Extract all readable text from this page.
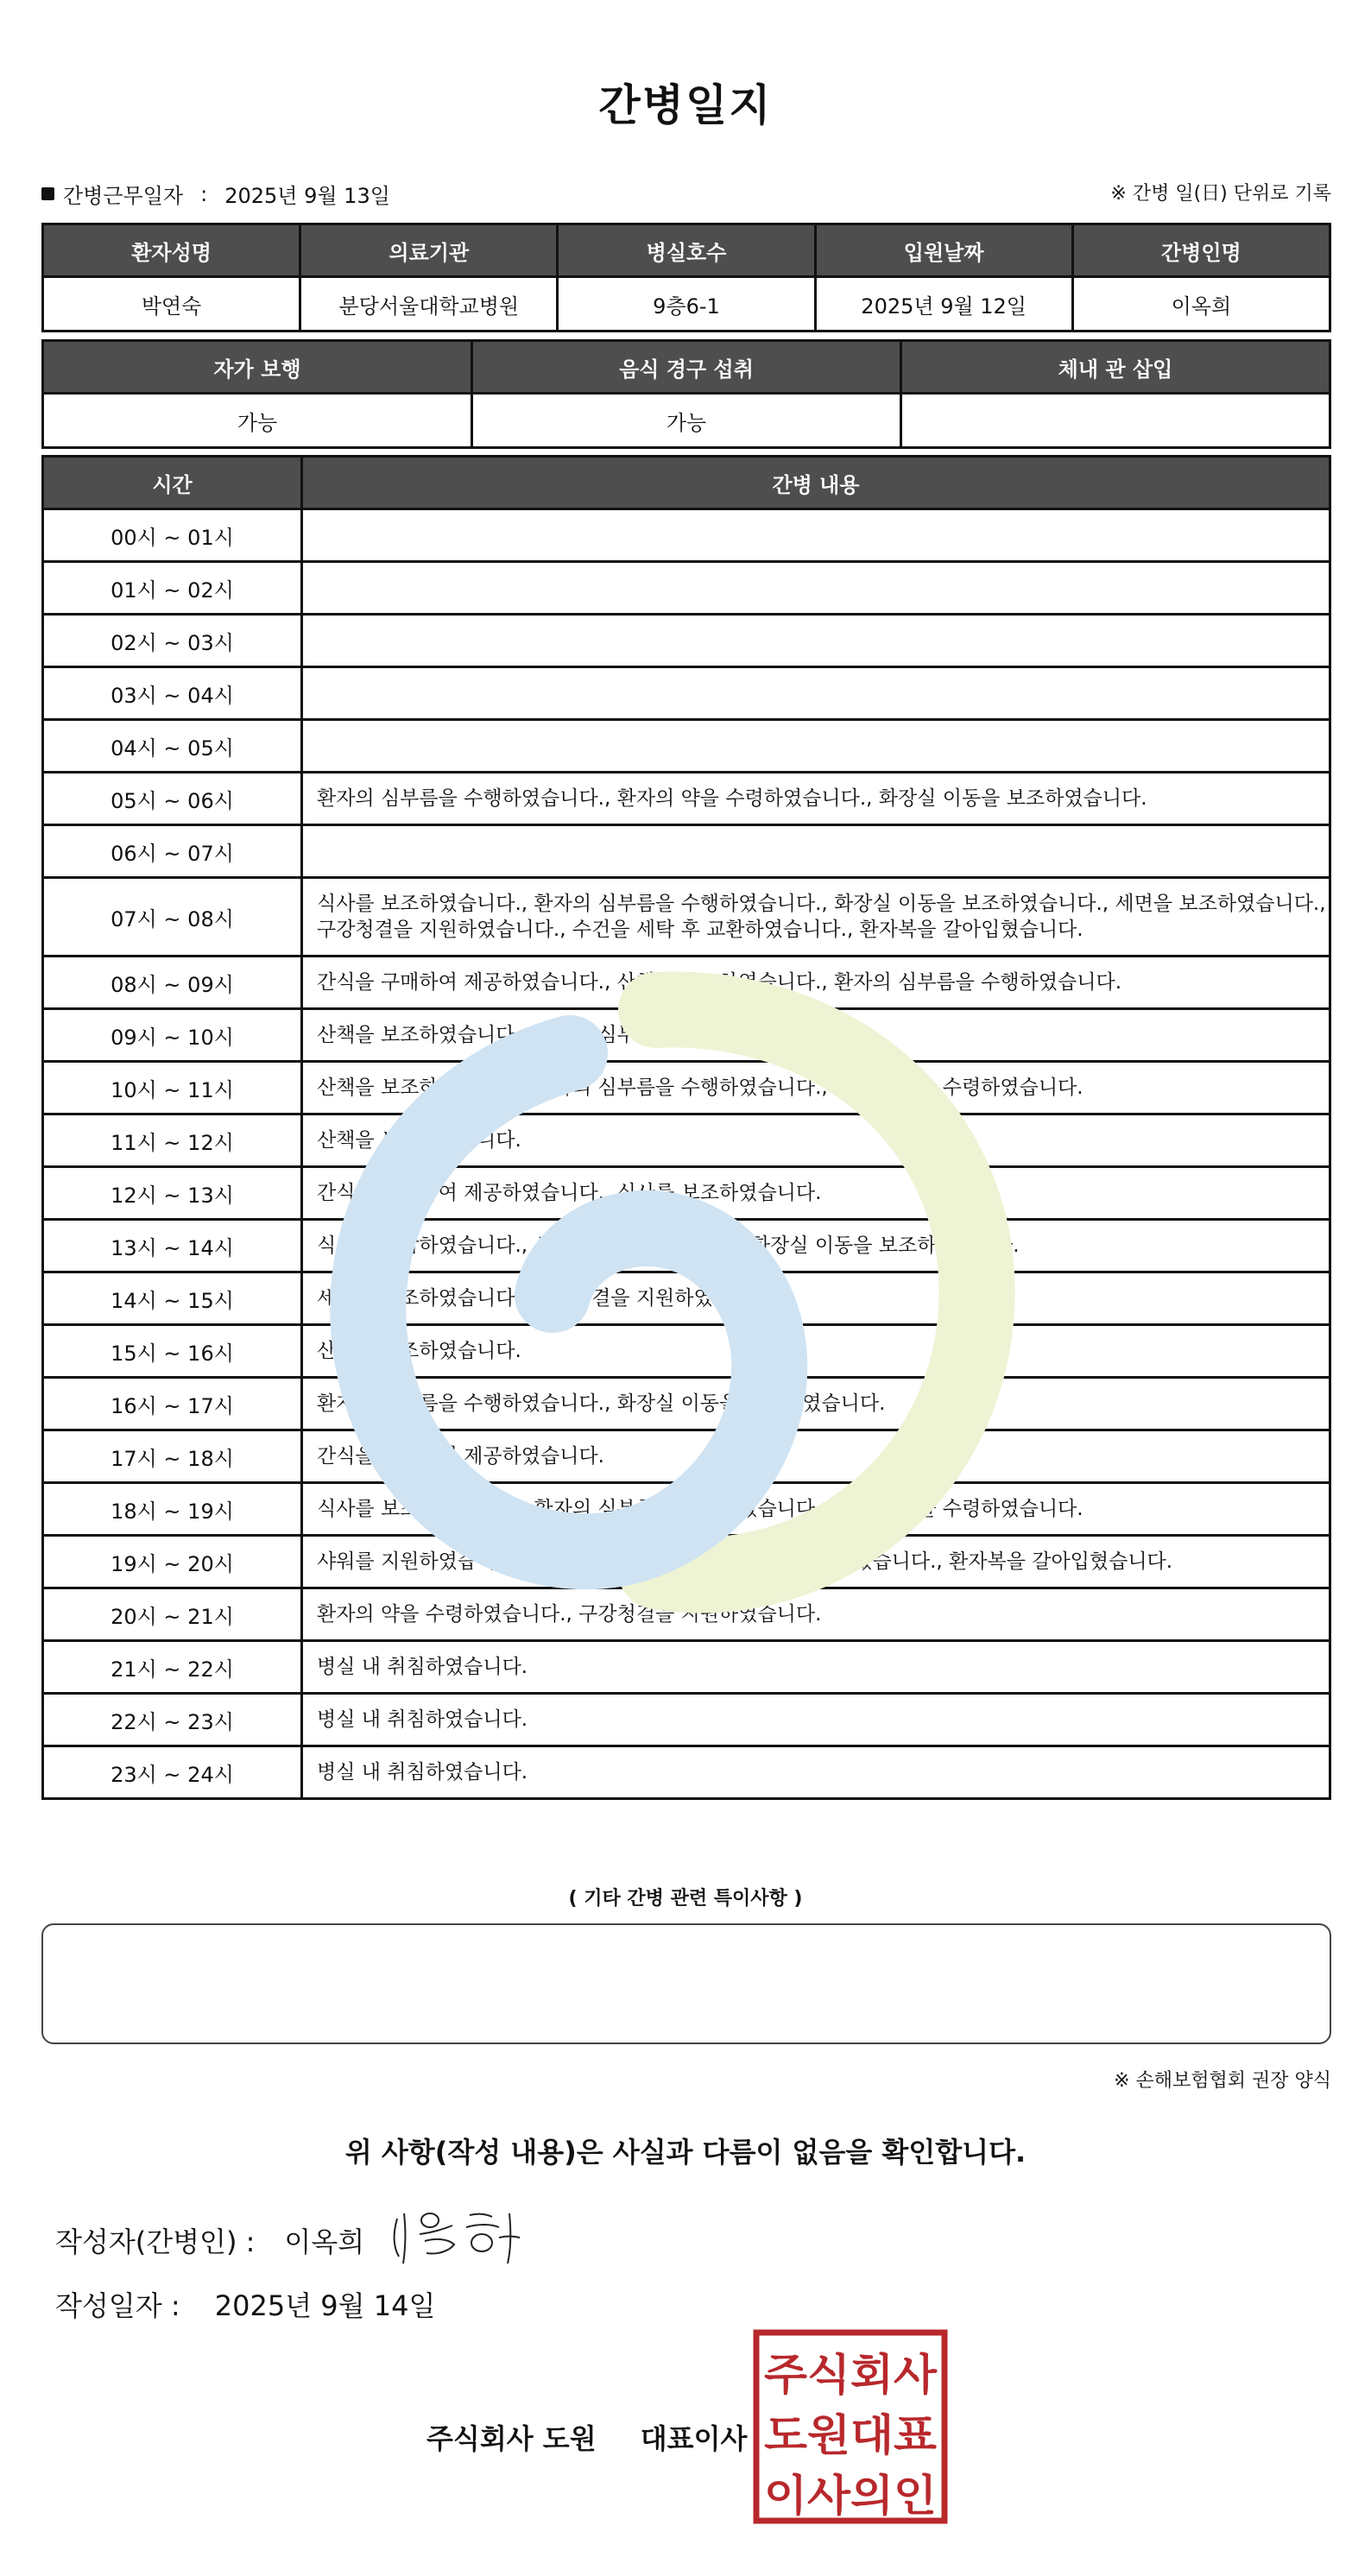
간병일지
간병근무일자 : 2025년 9월 13일	※ 간병 일(日) 단위로 기록
환자성명	의료기관	병실호수	입원날짜	간병인명
박연숙	분당서울대학교병원	9층6-1	2025년 9월 12일	이옥희
자가 보행	음식 경구 섭취	체내 관 삽입
가능	가능	
시간	간병 내용
00시 ~ 01시	
01시 ~ 02시	
02시 ~ 03시	
03시 ~ 04시	
04시 ~ 05시	
05시 ~ 06시	환자의 심부름을 수행하였습니다., 환자의 약을 수령하였습니다., 화장실 이동을 보조하였습니다.
06시 ~ 07시	
07시 ~ 08시	식사를 보조하였습니다., 환자의 심부름을 수행하였습니다., 화장실 이동을 보조하였습니다., 세면을 보조하였습니다., 구강청결을 지원하였습니다., 수건을 세탁 후 교환하였습니다., 환자복을 갈아입혔습니다.
08시 ~ 09시	간식을 구매하여 제공하였습니다., 산책을 보조하였습니다., 환자의 심부름을 수행하였습니다.
09시 ~ 10시	산책을 보조하였습니다., 환자의 심부름을 수행하였습니다.
10시 ~ 11시	산책을 보조하였습니다., 환자의 심부름을 수행하였습니다., 환자의 약을 수령하였습니다.
11시 ~ 12시	산책을 보조하였습니다.
12시 ~ 13시	간식을 구매하여 제공하였습니다., 식사를 보조하였습니다.
13시 ~ 14시	식기를 반납하였습니다., 산책을 보조하였습니다., 화장실 이동을 보조하였습니다.
14시 ~ 15시	세면을 보조하였습니다., 구강청결을 지원하였습니다.
15시 ~ 16시	산책을 보조하였습니다.
16시 ~ 17시	환자의 심부름을 수행하였습니다., 화장실 이동을 보조하였습니다.
17시 ~ 18시	간식을 구매하여 제공하였습니다.
18시 ~ 19시	식사를 보조하였습니다., 환자의 심부름을 수행하였습니다., 환자의 약을 수령하였습니다.
19시 ~ 20시	샤워를 지원하였습니다., 발을 씻겨주었습니다., 세면을 보조하였습니다., 환자복을 갈아입혔습니다.
20시 ~ 21시	환자의 약을 수령하였습니다., 구강청결을 지원하였습니다.
21시 ~ 22시	병실 내 취침하였습니다.
22시 ~ 23시	병실 내 취침하였습니다.
23시 ~ 24시	병실 내 취침하였습니다.
( 기타 간병 관련 특이사항 )
※ 손해보험협회 권장 양식
위 사항(작성 내용)은 사실과 다름이 없음을 확인합니다.
작성자(간병인) : 이옥희
작성일자 : 2025년 9월 14일
주식회사 도원 대표이사
주식회사
도원대표
이사의인
